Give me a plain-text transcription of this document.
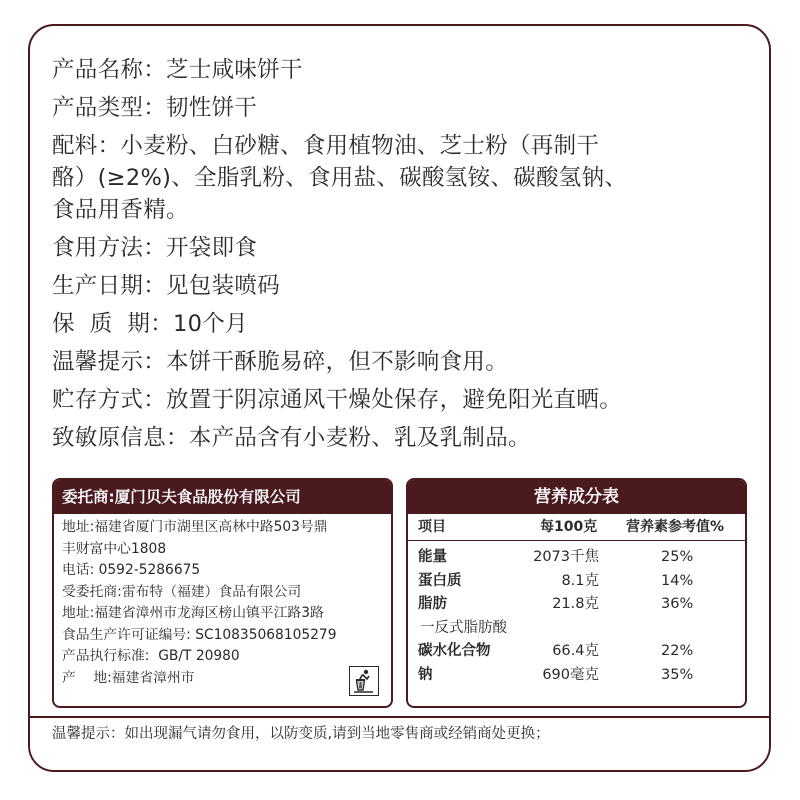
产品名称：芝士咸味饼干
产品类型：韧性饼干
配料：小麦粉、白砂糖、食用植物油、芝士粉（再制干
酪）(≥2%)、全脂乳粉、食用盐、碳酸氢铵、碳酸氢钠、
食品用香精。
食用方法：开袋即食
生产日期：见包装喷码
保  质  期：10个月
温馨提示：本饼干酥脆易碎，但不影响食用。
贮存方式：放置于阴凉通风干燥处保存，避免阳光直晒。
致敏原信息：本产品含有小麦粉、乳及乳制品。
委托商:厦门贝夫食品股份有限公司
地址:福建省厦门市湖里区高林中路503号鼎
丰财富中心1808
电话: 0592-5286675
受委托商:雷布特（福建）食品有限公司
地址:福建省漳州市龙海区榜山镇平江路3路
食品生产许可证编号: SC10835068105279
产品执行标准:  GB/T 20980
产    地:福建省漳州市
营养成分表
项目	每100克 营养素参考值%
能量	2073千焦	25%
蛋白质	8.1克	14%
脂肪	21.8克	36%
一反式脂肪酸
碳水化合物	66.4克	22%
钠	690毫克	35%
温馨提示：如出现漏气请勿食用，以防变质,请到当地零售商或经销商处更换；
